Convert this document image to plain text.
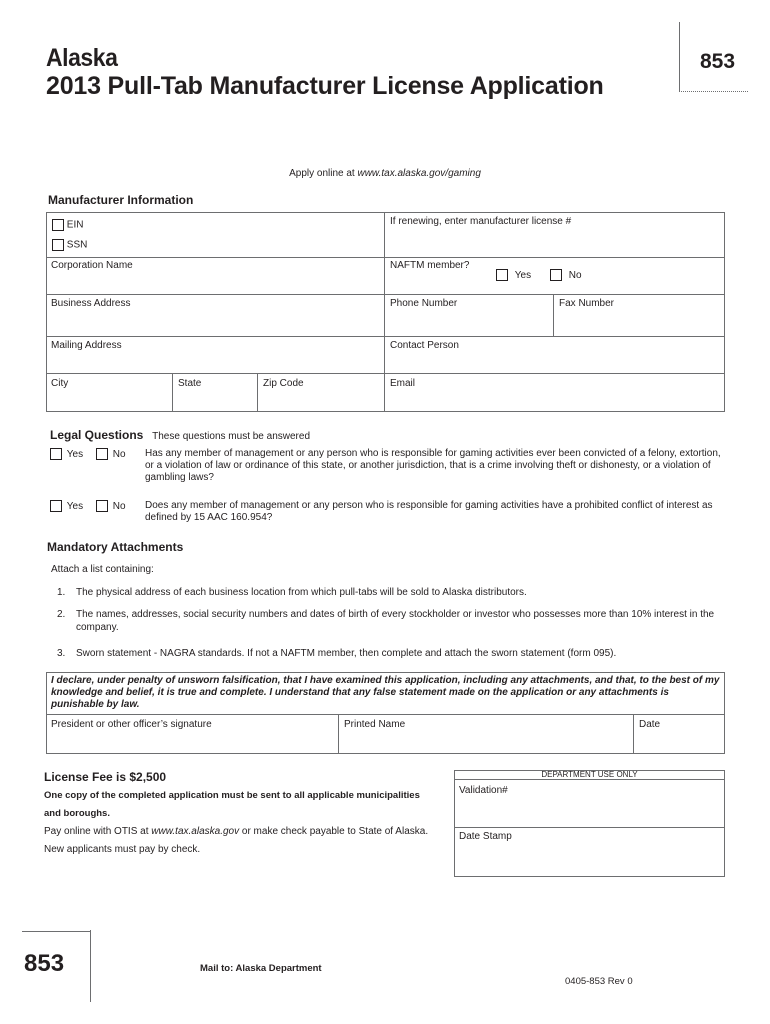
Alaska
2013 Pull-Tab Manufacturer License Application
853
Apply online at www.tax.alaska.gov/gaming
Manufacturer Information
EIN
SSN
If renewing, enter manufacturer license #
Corporation Name	NAFTM member?
Yes	No
Business Address	Phone Number	Fax Number
Mailing Address	Contact Person
City	State	Zip Code	Email
Legal Questions These questions must be answered
Yes	No Has any member of management or any person who is responsible for gaming activities ever been convicted of a felony, extortion, or a violation of law or ordinance of this state, or another jurisdiction, that is a crime involving theft or dishonesty, or a violation of gambling laws?
Yes	No Does any member of management or any person who is responsible for gaming activities have a prohibited conflict of interest as defined by 15 AAC 160.954?
Mandatory Attachments
Attach a list containing:
1. The physical address of each business location from which pull-tabs will be sold to Alaska distributors.
2. The names, addresses, social security numbers and dates of birth of every stockholder or investor who possesses more than 10% interest in the company.
3. Sworn statement - NAGRA standards. If not a NAFTM member, then complete and attach the sworn statement (form 095).
I declare, under penalty of unsworn falsification, that I have examined this application, including any attachments, and that, to the best of my knowledge and belief, it is true and complete. I understand that any false statement made on the application or any attachments is punishable by law.
President or other officer’s signature	Printed Name	Date
License Fee is $2,500
One copy of the completed application must be sent to all applicable municipalities
and boroughs.
Pay online with OTIS at www.tax.alaska.gov or make check payable to State of Alaska.
New applicants must pay by check.
DEPARTMENT USE ONLY
Validation#
Date Stamp
853	Mail to: Alaska Department
0405-853 Rev 0
